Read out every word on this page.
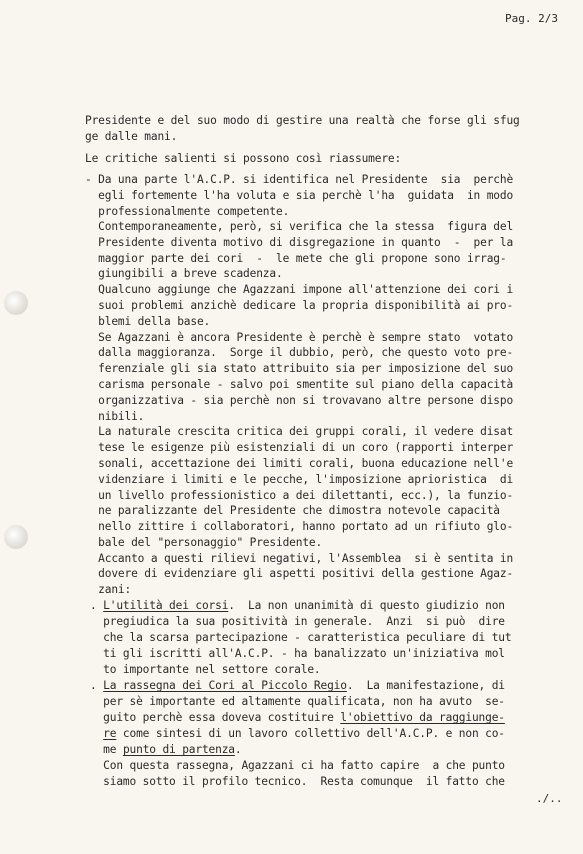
Pag. 2/3
Presidente e del suo modo di gestire una realtà che forse gli sfug
ge dalle mani.
Le critiche salienti si possono così riassumere:
- Da una parte l'A.C.P. si identifica nel Presidente  sia  perchè
egli fortemente l'ha voluta e sia perchè l'ha  guidata  in modo
professionalmente competente.
Contemporaneamente, però, si verifica che la stessa  figura del
Presidente diventa motivo di disgregazione in quanto  -  per la
maggior parte dei cori  -  le mete che gli propone sono irrag-
giungibili a breve scadenza.
Qualcuno aggiunge che Agazzani impone all'attenzione dei cori i
suoi problemi anzichè dedicare la propria disponibilità ai pro-
blemi della base.
Se Agazzani è ancora Presidente è perchè è sempre stato  votato
dalla maggioranza.  Sorge il dubbio, però, che questo voto pre-
ferenziale gli sia stato attribuito sia per imposizione del suo
carisma personale - salvo poi smentite sul piano della capacità
organizzativa - sia perchè non si trovavano altre persone dispo
nibili.
La naturale crescita critica dei gruppi corali, il vedere disat
tese le esigenze più esistenziali di un coro (rapporti interper
sonali, accettazione dei limiti corali, buona educazione nell'e
videnziare i limiti e le pecche, l'imposizione aprioristica  di
un livello professionistico a dei dilettanti, ecc.), la funzio-
ne paralizzante del Presidente che dimostra notevole capacità
nello zittire i collaboratori, hanno portato ad un rifiuto glo-
bale del "personaggio" Presidente.
Accanto a questi rilievi negativi, l'Assemblea  si è sentita in
dovere di evidenziare gli aspetti positivi della gestione Agaz-
zani:
. L'utilità dei corsi.  La non unanimità di questo giudizio non
pregiudica la sua positività in generale.  Anzi  si può  dire
che la scarsa partecipazione - caratteristica peculiare di tut
ti gli iscritti all'A.C.P. - ha banalizzato un'iniziativa mol
to importante nel settore corale.
. La rassegna dei Cori al Piccolo Regio.  La manifestazione, di
per sè importante ed altamente qualificata, non ha avuto  se-
guito perchè essa doveva costituire l'obiettivo da raggiunge-
re come sintesi di un lavoro collettivo dell'A.C.P. e non co-
me punto di partenza.
Con questa rassegna, Agazzani ci ha fatto capire  a che punto
siamo sotto il profilo tecnico.  Resta comunque  il fatto che
./..
